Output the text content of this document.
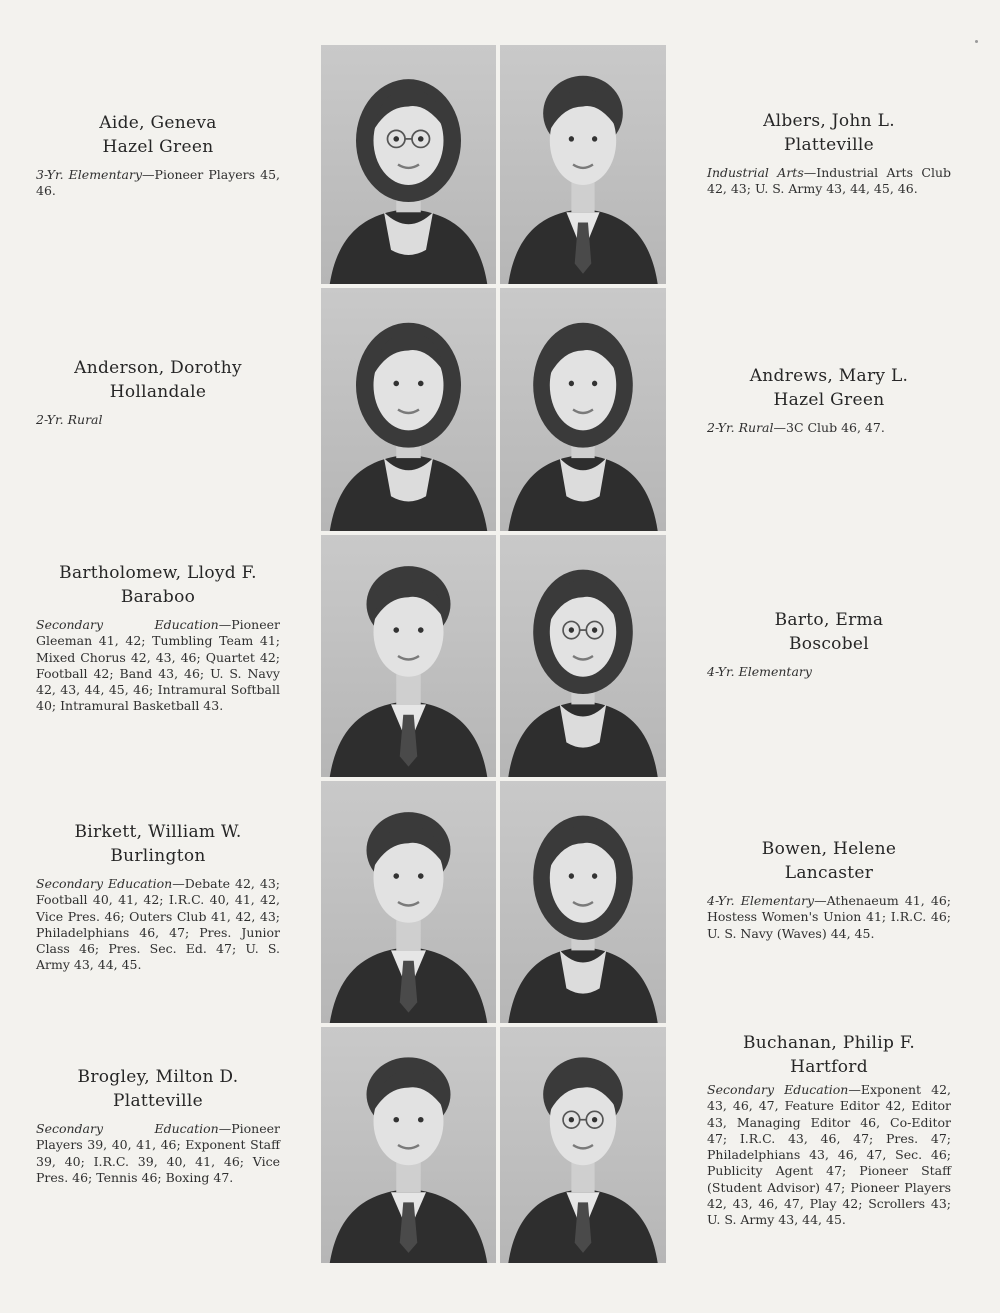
Aide, Geneva
Hazel Green
3-Yr. Elementary—Pioneer Players 45, 46.
Anderson, Dorothy
Hollandale
2-Yr. Rural
Bartholomew, Lloyd F.
Baraboo
Secondary Education—Pioneer Gleeman 41, 42; Tumbling Team 41; Mixed Chorus 42, 43, 46; Quartet 42; Football 42; Band 43, 46; U. S. Navy 42, 43, 44, 45, 46; Intramural Softball 40; Intramural Basketball 43.
Birkett, William W.
Burlington
Secondary Education—Debate 42, 43; Football 40, 41, 42; I.R.C. 40, 41, 42, Vice Pres. 46; Outers Club 41, 42, 43; Philadelphians 46, 47; Pres. Junior Class 46; Pres. Sec. Ed. 47; U. S. Army 43, 44, 45.
Brogley, Milton D.
Platteville
Secondary Education—Pioneer Players 39, 40, 41, 46; Exponent Staff 39, 40; I.R.C. 39, 40, 41, 46; Vice Pres. 46; Tennis 46; Boxing 47.
Albers, John L.
Platteville
Industrial Arts—Industrial Arts Club 42, 43; U. S. Army 43, 44, 45, 46.
Andrews, Mary L.
Hazel Green
2-Yr. Rural—3C Club 46, 47.
Barto, Erma
Boscobel
4-Yr. Elementary
Bowen, Helene
Lancaster
4-Yr. Elementary—Athenaeum 41, 46; Hostess Women's Union 41; I.R.C. 46; U. S. Navy (Waves) 44, 45.
Buchanan, Philip F.
Hartford
Secondary Education—Exponent 42, 43, 46, 47, Feature Editor 42, Editor 43, Managing Editor 46, Co-Editor 47; I.R.C. 43, 46, 47; Pres. 47; Philadelphians 43, 46, 47, Sec. 46; Publicity Agent 47; Pioneer Staff (Student Advisor) 47; Pioneer Players 42, 43, 46, 47, Play 42; Scrollers 43; U. S. Army 43, 44, 45.
